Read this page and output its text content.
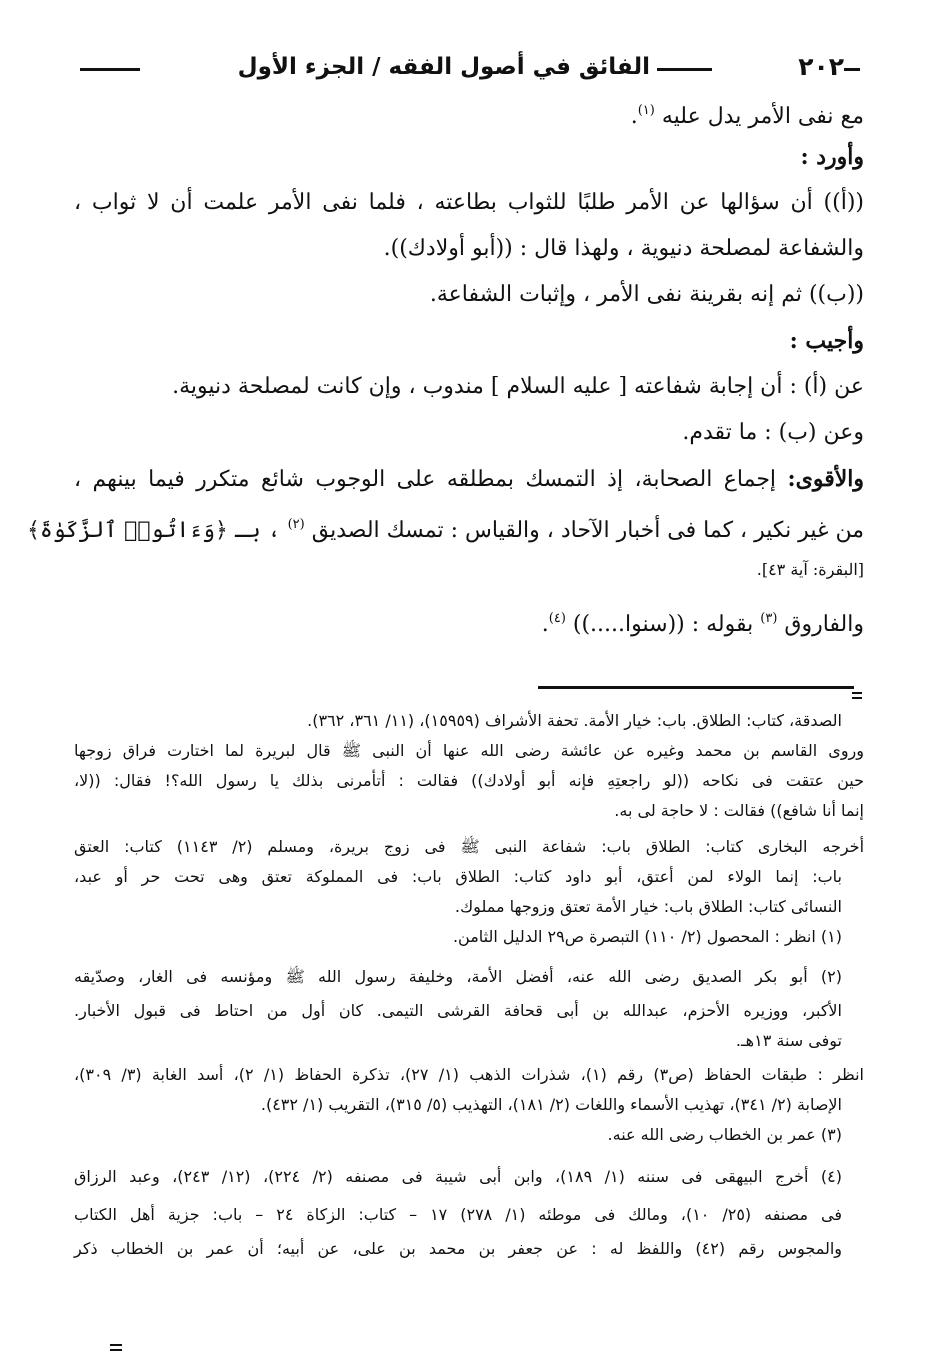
٢٠٢
الفائق في أصول الفقه / الجزء الأول
مع نفى الأمر يدل عليه $^{(١)}$.
وأورد :
((أ)) أن سؤالها عن الأمر طلبًا للثواب بطاعته ، فلما نفى الأمر علمت أن لا ثواب ،
والشفاعة لمصلحة دنيوية ، ولهذا قال : ((أبو أولادك)).
((ب)) ثم إنه بقرينة نفى الأمر ، وإثبات الشفاعة.
وأجيب :
عن (أ) : أن إجابة شفاعته [ عليه السلام ] مندوب ، وإن كانت لمصلحة دنيوية.
وعن (ب) : ما تقدم.
والأقوى: إجماع الصحابة، إذ التمسك بمطلقه على الوجوب شائع متكرر فيما بينهم ،
من غير نكير ، كما فى أخبار الآحاد ، والقياس : تمسك الصديق $^{(٢)}$ ، بـ ﴿وَءَاتُوا۟ ٱلزَّكَوٰةَ﴾
[البقرة: آية ٤٣].
والفاروق $^{(٣)}$ بقوله : ((سنوا.....)) $^{(٤)}$.
الصدقة، كتاب: الطلاق. باب: خيار الأمة. تحفة الأشراف (١٥٩٥٩)، (١١/ ٣٦١، ٣٦٢).
وروى القاسم بن محمد وغيره عن عائشة رضى الله عنها أن النبى ﷺ قال لبريرة لما اختارت فراق زوجها
حين عتقت فى نكاحه ((لو راجعتِهِ فإنه أبو أولادك)) فقالت : أتأمرنى بذلك يا رسول الله؟! فقال: ((لا،
إنما أنا شافع)) فقالت : لا حاجة لى به.
أخرجه البخارى كتاب: الطلاق باب: شفاعة النبى ﷺ فى زوج بريرة، ومسلم (٢/ ١١٤٣) كتاب: العتق
باب: إنما الولاء لمن أعتق، أبو داود كتاب: الطلاق باب: فى المملوكة تعتق وهى تحت حر أو عبد،
النسائى كتاب: الطلاق باب: خيار الأمة تعتق وزوجها مملوك.
(١) انظر : المحصول (٢/ ١١٠) التبصرة ص٢٩ الدليل الثامن.
(٢) أبو بكر الصديق رضى الله عنه، أفضل الأمة، وخليفة رسول الله ﷺ ومؤنسه فى الغار، وصدّيقه
الأكبر، ووزيره الأحزم، عبدالله بن أبى قحافة القرشى التيمى. كان أول من احتاط فى قبول الأخبار.
توفى سنة ١٣هـ.
انظر : طبقات الحفاظ (ص٣) رقم (١)، شذرات الذهب (١/ ٢٧)، تذكرة الحفاظ (١/ ٢)، أسد الغابة (٣/ ٣٠٩)،
الإصابة (٢/ ٣٤١)، تهذيب الأسماء واللغات (٢/ ١٨١)، التهذيب (٥/ ٣١٥)، التقريب (١/ ٤٣٢).
(٣) عمر بن الخطاب رضى الله عنه.
(٤) أخرج البيهقى فى سننه (١/ ١٨٩)، وابن أبى شيبة فى مصنفه (٢/ ٢٢٤)، (١٢/ ٢٤٣)، وعبد الرزاق
فى مصنفه (٢٥/ ١٠)، ومالك فى موطئه (١/ ٢٧٨) ١٧ – كتاب: الزكاة ٢٤ – باب: جزية أهل الكتاب
والمجوس رقم (٤٢) واللفظ له : عن جعفر بن محمد بن على، عن أبيه؛ أن عمر بن الخطاب ذكر
